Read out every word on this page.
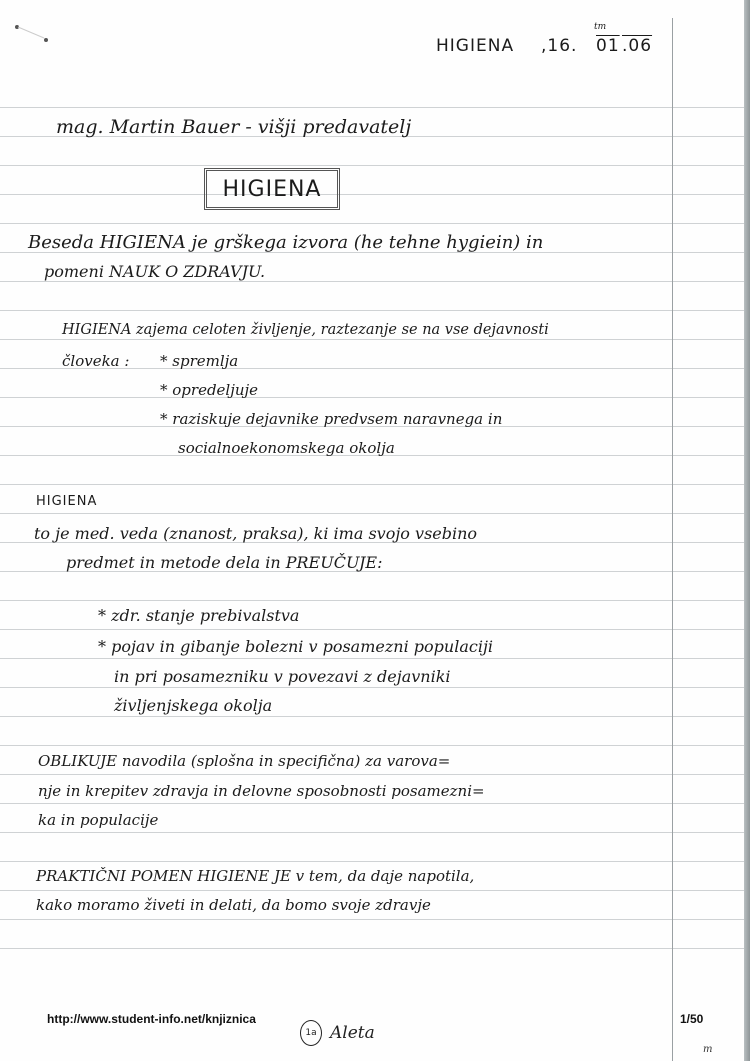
HIGIENA ,16. 01
tm
.06
mag. Martin Bauer - višji predavatelj
HIGIENA
Beseda HIGIENA je grškega izvora (he tehne hygiein) in
pomeni NAUK O ZDRAVJU.
HIGIENA zajema celoten življenje, raztezanje se na vse dejavnosti
človeka : * spremlja
* opredeljuje
* raziskuje dejavnike predvsem naravnega in
socialnoekonomskega okolja
HIGIENA
to je med. veda (znanost, praksa), ki ima svojo vsebino
predmet in metode dela in PREUČUJE:
* zdr. stanje prebivalstva
* pojav in gibanje bolezni v posamezni populaciji
in pri posamezniku v povezavi z dejavniki
življenjskega okolja
OBLIKUJE navodila (splošna in specifična) za varova=
nje in krepitev zdravja in delovne sposobnosti posamezni=
ka in populacije
PRAKTIČNI POMEN HIGIENE JE v tem, da daje napotila,
kako moramo živeti in delati, da bomo svoje zdravje
http://www.student-info.net/knjiznica	1/50
1a Aleta
m
